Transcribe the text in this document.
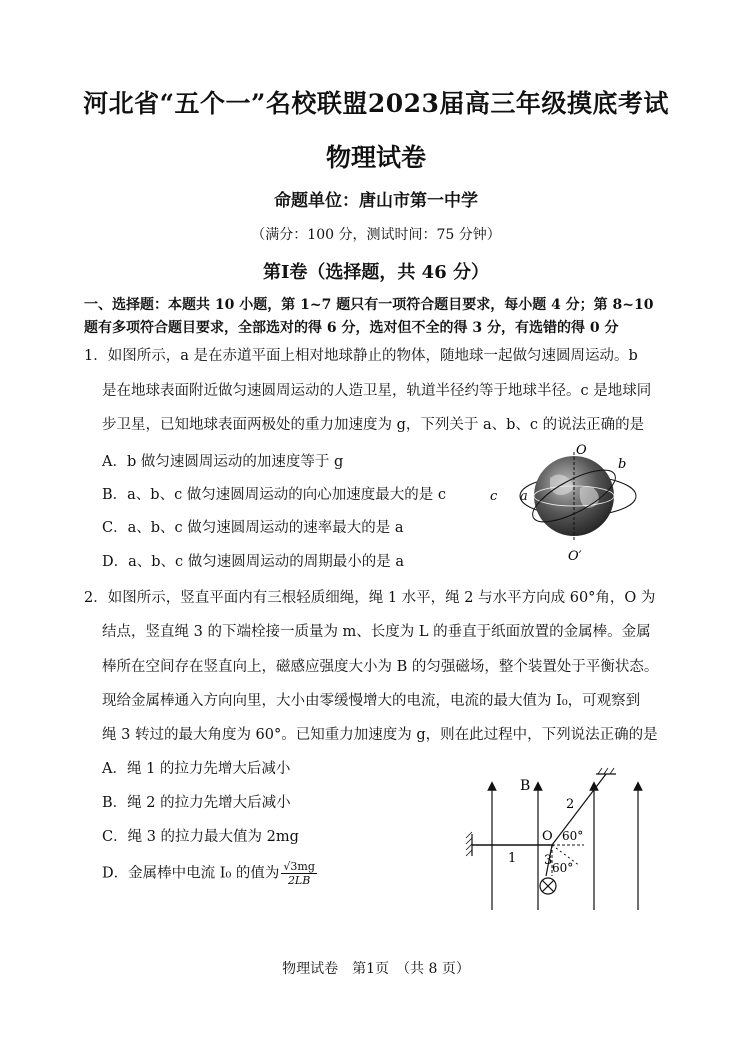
河北省“五个一”名校联盟2023届高三年级摸底考试
物理试卷
命题单位：唐山市第一中学
（满分：100 分，测试时间：75 分钟）
第Ⅰ卷（选择题，共 46 分）
一、选择题：本题共 10 小题，第 1~7 题只有一项符合题目要求，每小题 4 分；第 8~10
题有多项符合题目要求，全部选对的得 6 分，选对但不全的得 3 分，有选错的得 0 分
1．如图所示，a 是在赤道平面上相对地球静止的物体，随地球一起做匀速圆周运动。b
是在地球表面附近做匀速圆周运动的人造卫星，轨道半径约等于地球半径。c 是地球同
步卫星，已知地球表面两极处的重力加速度为 g，下列关于 a、b、c 的说法正确的是
A．b 做匀速圆周运动的加速度等于 g
B．a、b、c 做匀速圆周运动的向心加速度最大的是 c
C．a、b、c 做匀速圆周运动的速率最大的是 a
D．a、b、c 做匀速圆周运动的周期最小的是 a
O
O′
b
c a
2．如图所示，竖直平面内有三根轻质细绳，绳 1 水平，绳 2 与水平方向成 60°角，O 为
结点，竖直绳 3 的下端栓接一质量为 m、长度为 L 的垂直于纸面放置的金属棒。金属
棒所在空间存在竖直向上，磁感应强度大小为 B 的匀强磁场，整个装置处于平衡状态。
现给金属棒通入方向向里，大小由零缓慢增大的电流，电流的最大值为 I₀，可观察到
绳 3 转过的最大角度为 60°。已知重力加速度为 g，则在此过程中，下列说法正确的是
A．绳 1 的拉力先增大后减小
B．绳 2 的拉力先增大后减小
C．绳 3 的拉力最大值为 2mg
D．金属棒中电流 I₀ 的值为 $\frac{√3mg}{2LB}$
B
1
2
O 60°
3 60°
物理试卷　第1页　（共 8 页）
